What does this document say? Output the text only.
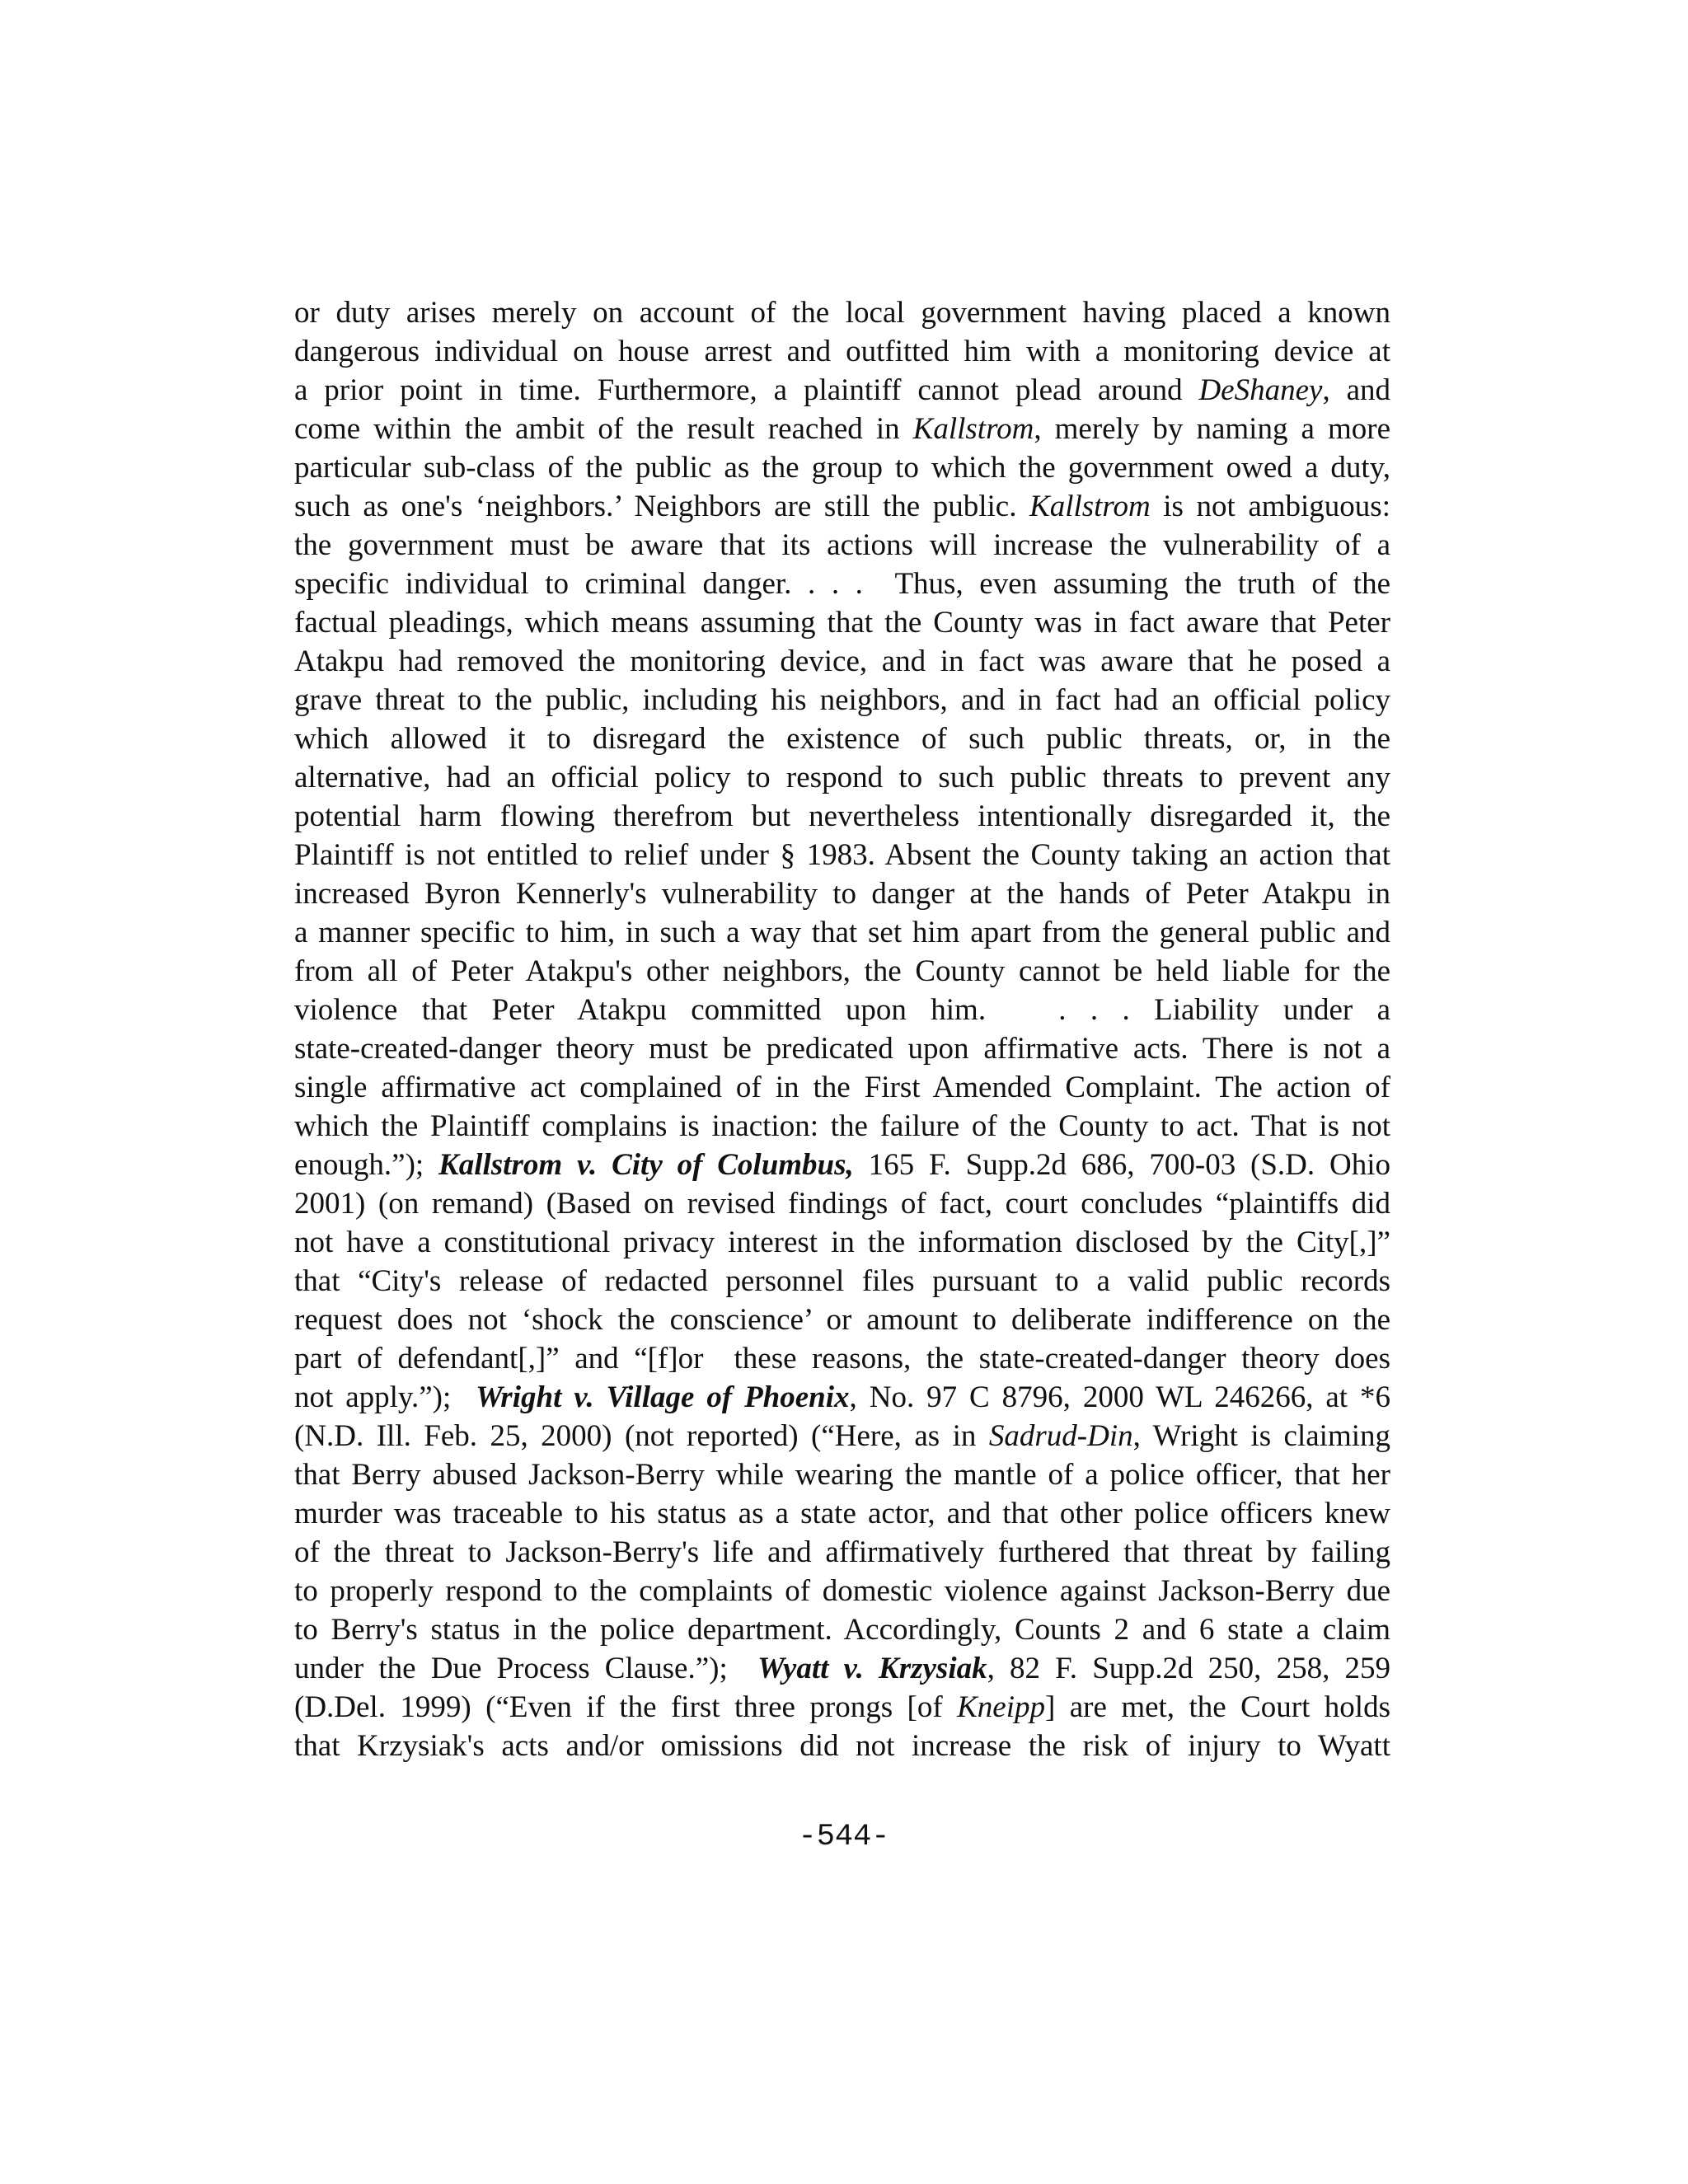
or duty arises merely on account of the local government having placed a known
dangerous individual on house arrest and outfitted him with a monitoring device at
a prior point in time. Furthermore, a plaintiff cannot plead around DeShaney, and
come within the ambit of the result reached in Kallstrom, merely by naming a more
particular sub-class of the public as the group to which the government owed a duty,
such as one's ‘neighbors.’ Neighbors are still the public. Kallstrom is not ambiguous:
the government must be aware that its actions will increase the vulnerability of a
specific individual to criminal danger. . . .  Thus, even assuming the truth of the
factual pleadings, which means assuming that the County was in fact aware that Peter
Atakpu had removed the monitoring device, and in fact was aware that he posed a
grave threat to the public, including his neighbors, and in fact had an official policy
which allowed it to disregard the existence of such public threats, or, in the
alternative, had an official policy to respond to such public threats to prevent any
potential harm flowing therefrom but nevertheless intentionally disregarded it, the
Plaintiff is not entitled to relief under § 1983. Absent the County taking an action that
increased Byron Kennerly's vulnerability to danger at the hands of Peter Atakpu in
a manner specific to him, in such a way that set him apart from the general public and
from all of Peter Atakpu's other neighbors, the County cannot be held liable for the
violence that Peter Atakpu committed upon him.   . . . Liability under a
state-created-danger theory must be predicated upon affirmative acts. There is not a
single affirmative act complained of in the First Amended Complaint. The action of
which the Plaintiff complains is inaction: the failure of the County to act. That is not
enough.”); Kallstrom v. City of Columbus, 165 F. Supp.2d 686, 700-03 (S.D. Ohio
2001) (on remand) (Based on revised findings of fact, court concludes “plaintiffs did
not have a constitutional privacy interest in the information disclosed by the City[,]”
that “City's release of redacted personnel files pursuant to a valid public records
request does not ‘shock the conscience’ or amount to deliberate indifference on the
part of defendant[,]” and “[f]or  these reasons, the state-created-danger theory does
not apply.”);  Wright v. Village of Phoenix, No. 97 C 8796, 2000 WL 246266, at *6
(N.D. Ill. Feb. 25, 2000) (not reported) (“Here, as in Sadrud-Din, Wright is claiming
that Berry abused Jackson-Berry while wearing the mantle of a police officer, that her
murder was traceable to his status as a state actor, and that other police officers knew
of the threat to Jackson-Berry's life and affirmatively furthered that threat by failing
to properly respond to the complaints of domestic violence against Jackson-Berry due
to Berry's status in the police department. Accordingly, Counts 2 and 6 state a claim
under the Due Process Clause.”);  Wyatt v. Krzysiak, 82 F. Supp.2d 250, 258, 259
(D.Del. 1999) (“Even if the first three prongs [of Kneipp] are met, the Court holds
that Krzysiak's acts and/or omissions did not increase the risk of injury to Wyatt
-544-
